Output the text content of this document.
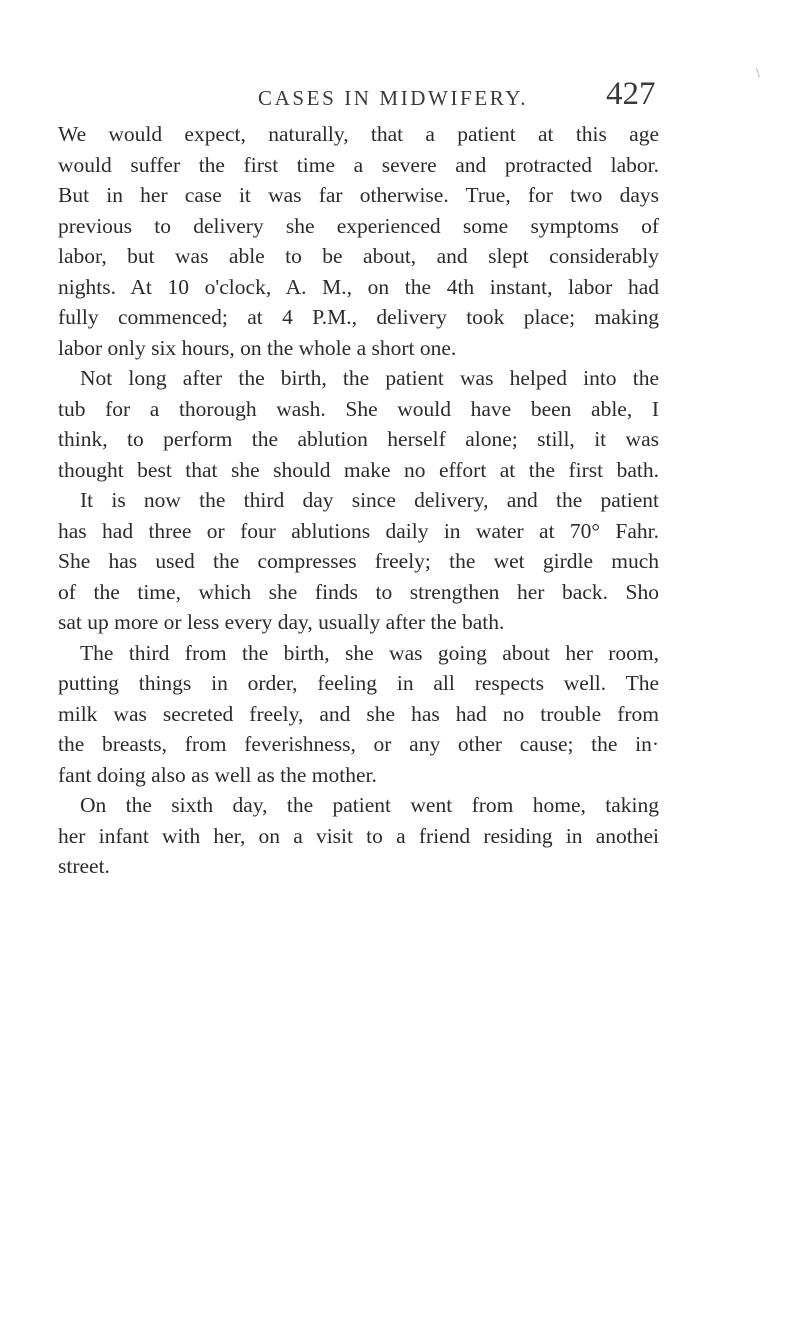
\
CASES IN MIDWIFERY. 427
We would expect, naturally, that a patient at this age
would suffer the first time a severe and protracted labor.
But in her case it was far otherwise. True, for two days
previous to delivery she experienced some symptoms of
labor, but was able to be about, and slept considerably
nights. At 10 o'clock, A. M., on the 4th instant, labor had
fully commenced; at 4 P.M., delivery took place; making
labor only six hours, on the whole a short one.
Not long after the birth, the patient was helped into the
tub for a thorough wash. She would have been able, I
think, to perform the ablution herself alone; still, it was
thought best that she should make no effort at the first bath.
It is now the third day since delivery, and the patient
has had three or four ablutions daily in water at 70° Fahr.
She has used the compresses freely; the wet girdle much
of the time, which she finds to strengthen her back. Sho
sat up more or less every day, usually after the bath.
The third from the birth, she was going about her room,
putting things in order, feeling in all respects well. The
milk was secreted freely, and she has had no trouble from
the breasts, from feverishness, or any other cause; the in·
fant doing also as well as the mother.
On the sixth day, the patient went from home, taking
her infant with her, on a visit to a friend residing in anothei
street.
